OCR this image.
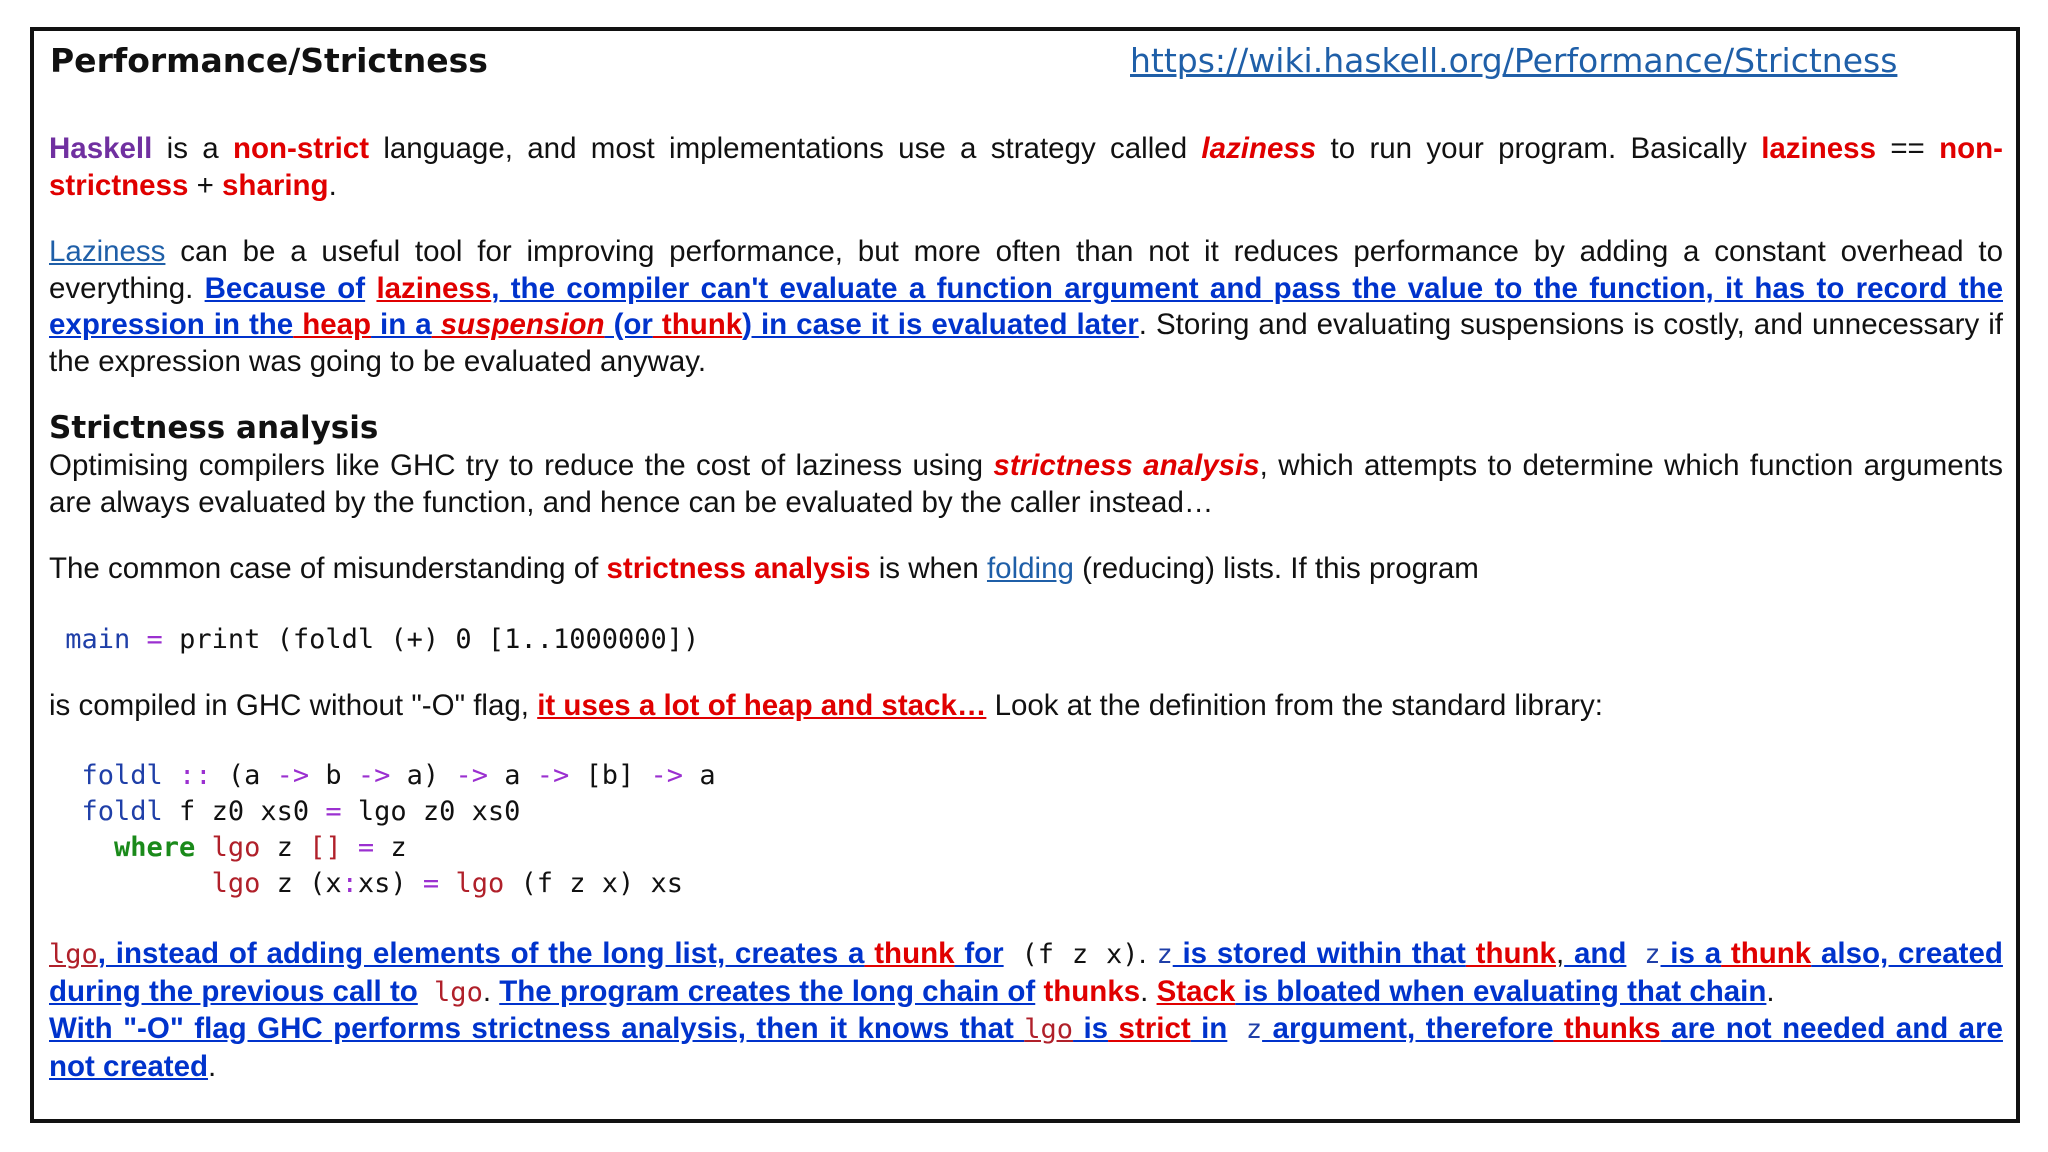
Performance/Strictness	https://wiki.haskell.org/Performance/Strictness

Haskell is a non-strict language, and most implementations use a strategy called laziness to run your program. Basically laziness == non-strictness + sharing.

Laziness can be a useful tool for improving performance, but more often than not it reduces performance by adding a constant overhead to everything. Because of laziness, the compiler can't evaluate a function argument and pass the value to the function, it has to record the expression in the heap in a suspension (or thunk) in case it is evaluated later. Storing and evaluating suspensions is costly, and unnecessary if the expression was going to be evaluated anyway.

Strictness analysis

Optimising compilers like GHC try to reduce the cost of laziness using strictness analysis, which attempts to determine which function arguments are always evaluated by the function, and hence can be evaluated by the caller instead…

The common case of misunderstanding of strictness analysis is when folding (reducing) lists. If this program

main = print (foldl (+) 0 [1..1000000])

is compiled in GHC without "-O" flag, it uses a lot of heap and stack… Look at the definition from the standard library:

foldl :: (a -> b -> a) -> a -> [b] -> a
foldl f z0 xs0 = lgo z0 xs0
where lgo z [] = z
lgo z (x:xs) = lgo (f z x) xs

lgo, instead of adding elements of the long list, creates a thunk for (f z x). z is stored within that thunk, and z is a thunk also, created during the previous call to lgo. The program creates the long chain of thunks. Stack is bloated when evaluating that chain.
With "-O" flag GHC performs strictness analysis, then it knows that lgo is strict in z argument, therefore thunks are not needed and are not created.
